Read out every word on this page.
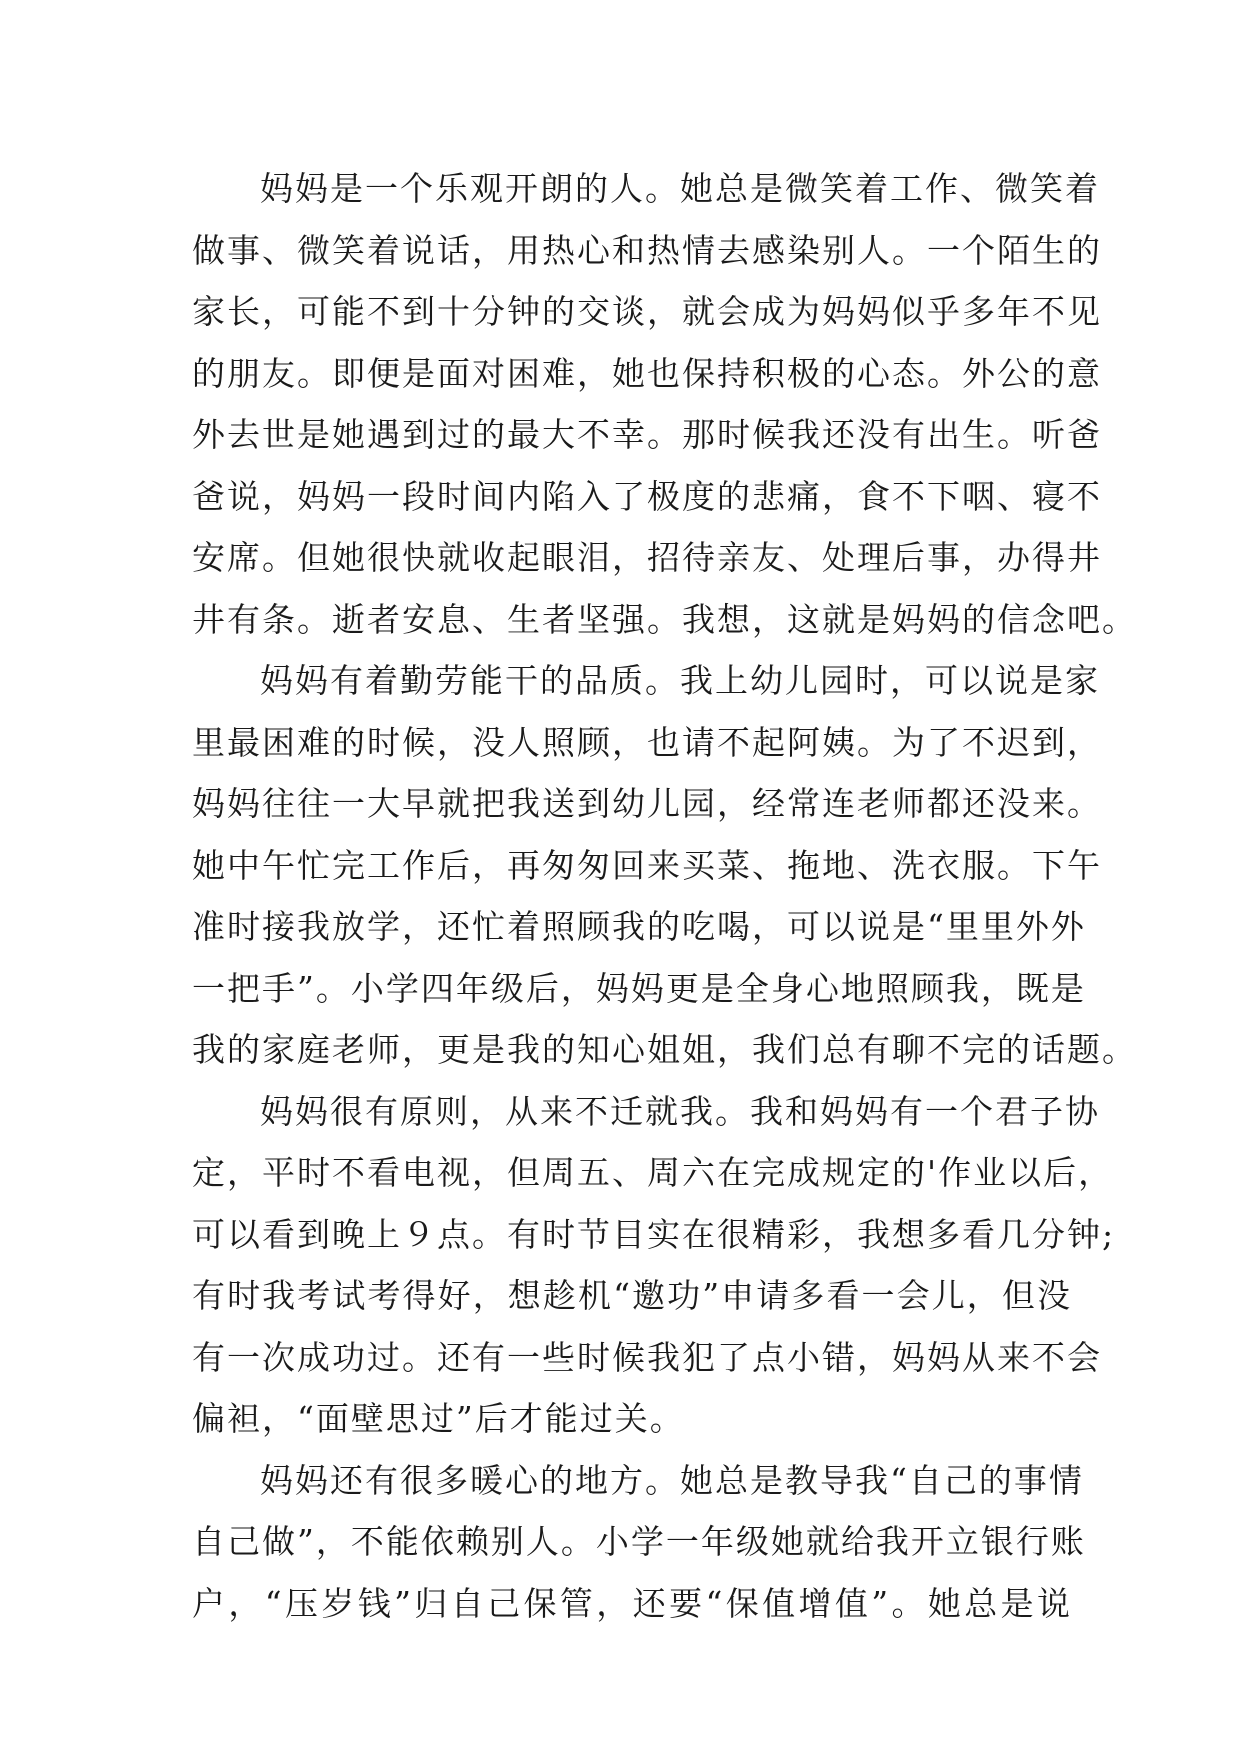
妈妈是一个乐观开朗的人。她总是微笑着工作、微笑着
做事、微笑着说话，用热心和热情去感染别人。一个陌生的
家长，可能不到十分钟的交谈，就会成为妈妈似乎多年不见
的朋友。即便是面对困难，她也保持积极的心态。外公的意
外去世是她遇到过的最大不幸。那时候我还没有出生。听爸
爸说，妈妈一段时间内陷入了极度的悲痛，食不下咽、寝不
安席。但她很快就收起眼泪，招待亲友、处理后事，办得井
井有条。逝者安息、生者坚强。我想，这就是妈妈的信念吧。
妈妈有着勤劳能干的品质。我上幼儿园时，可以说是家
里最困难的时候，没人照顾，也请不起阿姨。为了不迟到，
妈妈往往一大早就把我送到幼儿园，经常连老师都还没来。
她中午忙完工作后，再匆匆回来买菜、拖地、洗衣服。下午
准时接我放学，还忙着照顾我的吃喝，可以说是“里里外外
一把手”。小学四年级后，妈妈更是全身心地照顾我，既是
我的家庭老师，更是我的知心姐姐，我们总有聊不完的话题。
妈妈很有原则，从来不迁就我。我和妈妈有一个君子协
定，平时不看电视，但周五、周六在完成规定的'作业以后，
可以看到晚上９点。有时节目实在很精彩，我想多看几分钟;
有时我考试考得好，想趁机“邀功”申请多看一会儿，但没
有一次成功过。还有一些时候我犯了点小错，妈妈从来不会
偏袒，“面壁思过”后才能过关。
妈妈还有很多暖心的地方。她总是教导我“自己的事情
自己做”，不能依赖别人。小学一年级她就给我开立银行账
户，“压岁钱”归自己保管，还要“保值增值”。她总是说
